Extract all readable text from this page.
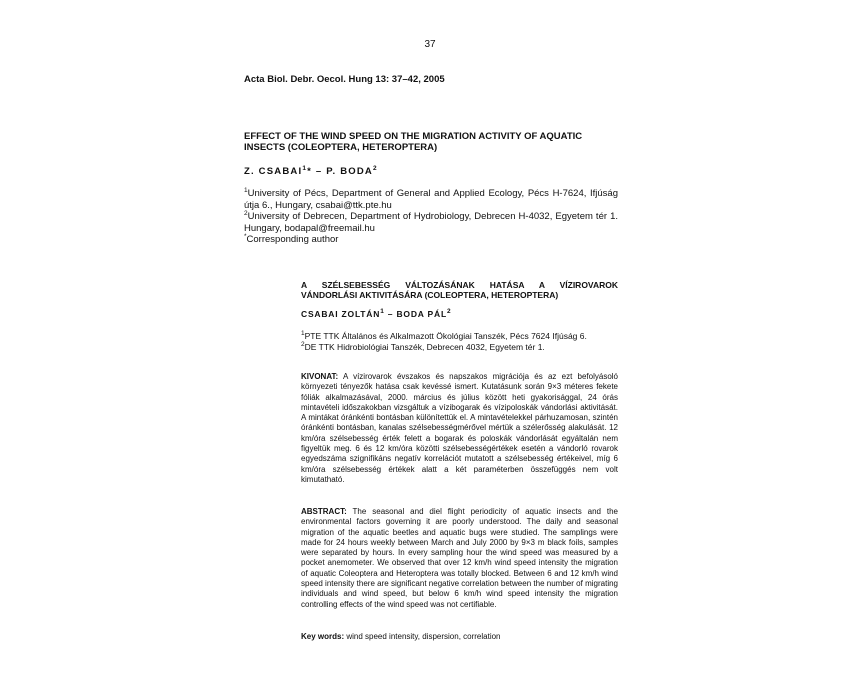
37
Acta Biol. Debr. Oecol. Hung 13: 37–42, 2005
EFFECT OF THE WIND SPEED ON THE MIGRATION ACTIVITY OF AQUATIC INSECTS (COLEOPTERA, HETEROPTERA)
Z. CSABAI$^1$* – P. BODA$^2$
$^1$University of Pécs, Department of General and Applied Ecology, Pécs H-7624, Ifjúság útja 6., Hungary, csabai@ttk.pte.hu
$^2$University of Debrecen, Department of Hydrobiology, Debrecen H-4032, Egyetem tér 1. Hungary, bodapal@freemail.hu
*Corresponding author
A SZÉLSEBESSÉG VÁLTOZÁSÁNAK HATÁSA A VÍZIROVAROK
VÁNDORLÁSI AKTIVITÁSÁRA (COLEOPTERA, HETEROPTERA)
CSABAI ZOLTÁN$^1$ – BODA PÁL$^2$
$^1$PTE TTK Általános és Alkalmazott Ökológiai Tanszék, Pécs 7624 Ifjúság 6.
$^2$DE TTK Hidrobiológiai Tanszék, Debrecen 4032, Egyetem tér 1.
KIVONAT: A vízirovarok évszakos és napszakos migrációja és az ezt befolyásoló környezeti tényezők hatása csak kevéssé ismert. Kutatásunk során 9×3 méteres fekete fóliák alkalmazásával, 2000. március és július között heti gyakorisággal, 24 órás mintavételi időszakokban vizsgáltuk a vízibogarak és vízipoloskák vándorlási aktivitását. A mintákat óránkénti bontásban különítettük el. A mintavételekkel párhuzamosan, szintén óránkénti bontásban, kanalas szélsebességmérővel mértük a szélerősség alakulását. 12 km/óra szélsebesség érték felett a bogarak és poloskák vándorlását egyáltalán nem figyeltük meg. 6 és 12 km/óra közötti szélsebességértékek esetén a vándorló rovarok egyedszáma szignifikáns negatív korrelációt mutatott a szélsebesség értékeivel, míg 6 km/óra szélsebesség értékek alatt a két paraméterben összefüggés nem volt kimutatható.
ABSTRACT: The seasonal and diel flight periodicity of aquatic insects and the environmental factors governing it are poorly understood. The daily and seasonal migration of the aquatic beetles and aquatic bugs were studied. The samplings were made for 24 hours weekly between March and July 2000 by 9×3 m black foils, samples were separated by hours. In every sampling hour the wind speed was measured by a pocket anemometer. We observed that over 12 km/h wind speed intensity the migration of aquatic Coleoptera and Heteroptera was totally blocked. Between 6 and 12 km/h wind speed intensity there are significant negative correlation between the number of migrating individuals and wind speed, but below 6 km/h wind speed intensity the migration controlling effects of the wind speed was not certifiable.
Key words: wind speed intensity, dispersion, correlation
